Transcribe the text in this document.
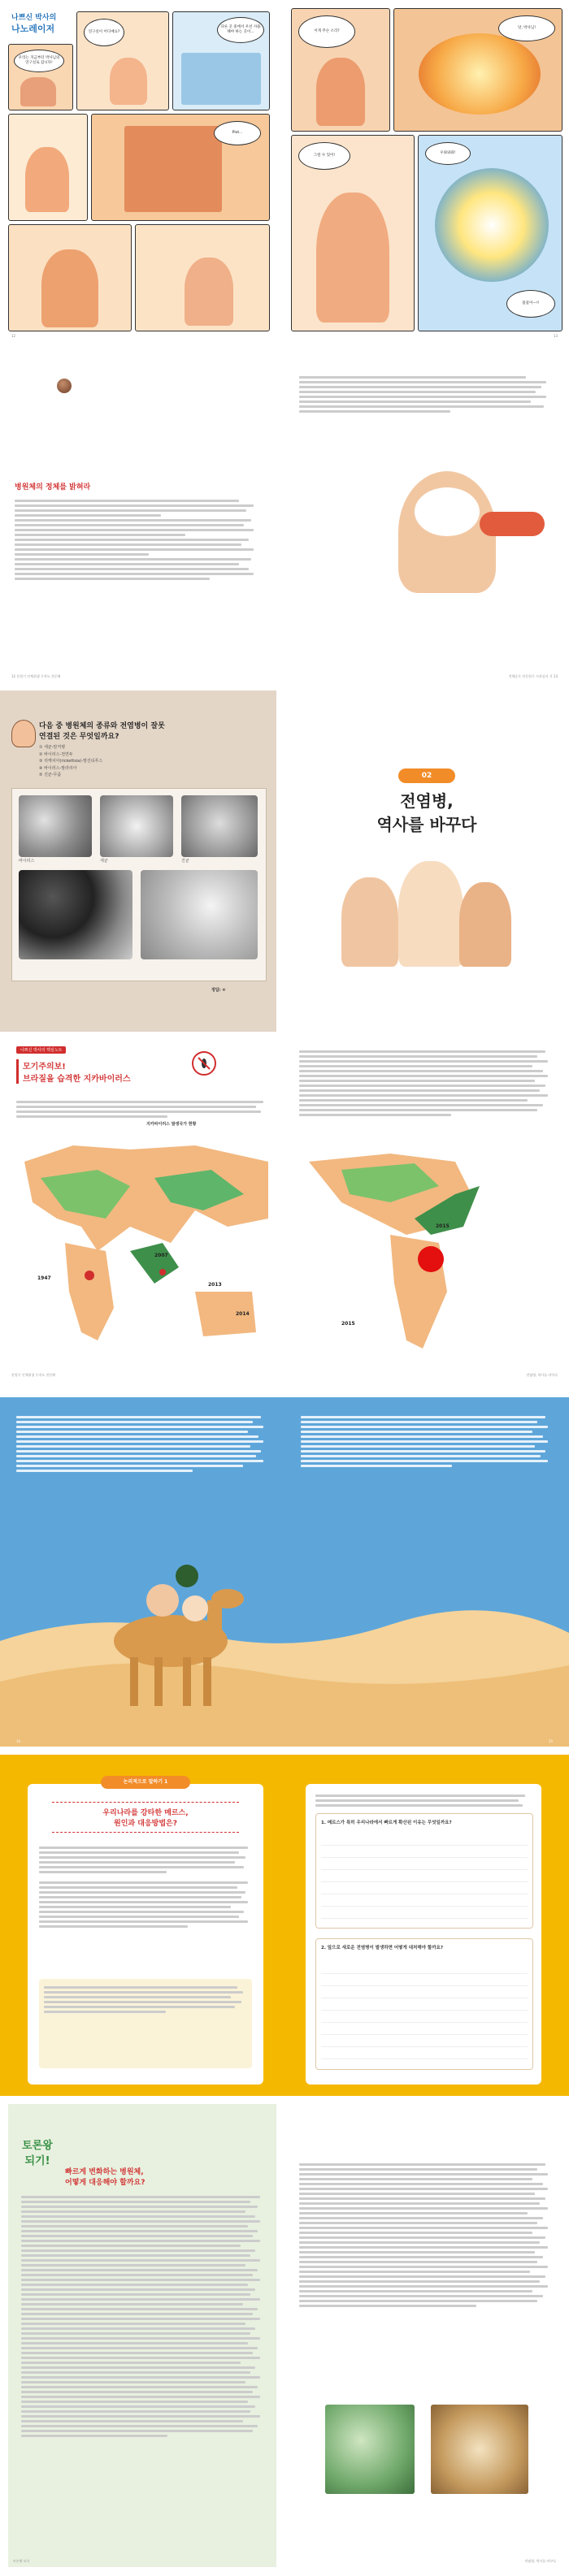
나쁘신 박사의
나노레이저
우리는 지금부터 박사님의 연구실로 갑니다!
연구실이 어디예요?
다른 곳 중에서 우선 사용해야 하는 곳이...
Plot...
12
이게 무슨 소리?
앗, 박사님!
그럴 수 있어!
우와와와!
불꽃이—!!
13
병원체의 정체를 밝혀라
12 분열기 인체위생 무작도 전문해	전체증로 전문원기 시작실의 식 13
다음 중 병원체의 종류와 전염병이 잘못
연결된 것은 무엇일까요?
① 세균-탄저병
② 바이러스-천연두
③ 리케치아(rickettsia)-발진티푸스
④ 바이러스-말라리아
⑤ 진균-무좀
바이러스	세균	진균
정답: ④
02
전염병,
역사를 바꾸다
나쁘신 박사의 핵심노트
모기주의보!
브라질을 습격한 지카바이러스
지카바이러스 발생국가 현황
1947
2007
2013
2014
분열기 인체위생 무작도 전문해
2015
2015
전염병, 역사를 바꾸다
14	15
논리적으로 말하기 1
우리나라를 강타한 메르스,
원인과 대응방법은?	1. 메르스가 특히 우리나라에서 빠르게 확산된 이유는 무엇일까요?
2. 앞으로 새로운 전염병이 발생하면 어떻게 대처해야 할까요?
토론왕
되기!
빠르게 변화하는 병원체,
어떻게 대응해야 할까요?
토론왕 되기	전염병, 역사를 바꾸다
